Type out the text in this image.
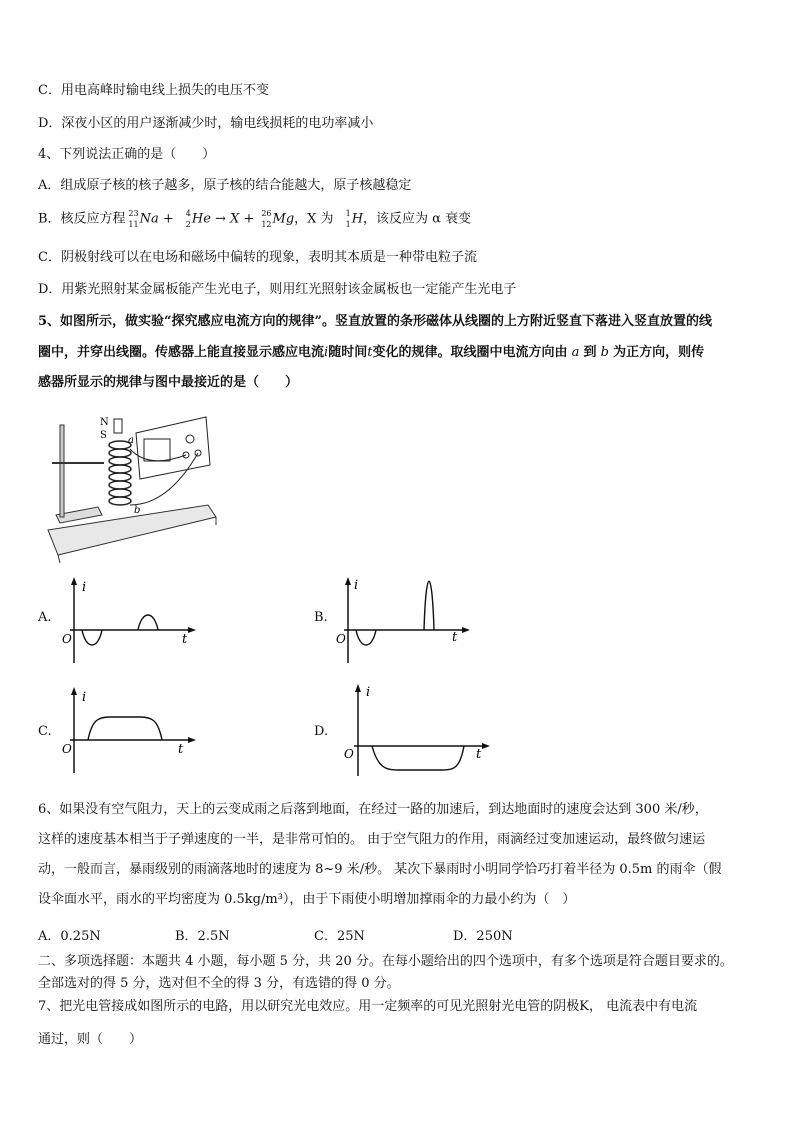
C．用电高峰时输电线上损失的电压不变
D．深夜小区的用户逐渐减少时，输电线损耗的电功率减小
4、下列说法正确的是（　　）
A．组成原子核的核子越多，原子核的结合能越大，原子核越稳定
B．核反应方程 23
11 Na + 4
2 He → X + 26
12 Mg，X 为 1
1 H，该反应为 α 衰变
C．阴极射线可以在电场和磁场中偏转的现象，表明其本质是一种带电粒子流
D．用紫光照射某金属板能产生光电子，则用红光照射该金属板也一定能产生光电子
5、如图所示，做实验“探究感应电流方向的规律”。竖直放置的条形磁体从线圈的上方附近竖直下落进入竖直放置的线
圈中，并穿出线圈。传感器上能直接显示感应电流i随时间t变化的规律。取线圈中电流方向由 a 到 b 为正方向，则传
感器所显示的规律与图中最接近的是（　　）
N
S a
b
A.
i
t
O
B.
i
t
O
C.
i
t
O
D.
i
t
O
6、如果没有空气阻力，天上的云变成雨之后落到地面，在经过一路的加速后，到达地面时的速度会达到 300 米/秒，
这样的速度基本相当于子弹速度的一半，是非常可怕的。 由于空气阻力的作用，雨滴经过变加速运动，最终做匀速运
动，一般而言，暴雨级别的雨滴落地时的速度为 8~9 米/秒。 某次下暴雨时小明同学恰巧打着半径为 0.5m 的雨伞（假
设伞面水平，雨水的平均密度为 0.5kg/m³），由于下雨使小明增加撑雨伞的力最小约为（　）
A．0.25N	B．2.5N	C．25N	D．250N
二、多项选择题：本题共 4 小题，每小题 5 分，共 20 分。在每小题给出的四个选项中，有多个选项是符合题目要求的。
全部选对的得 5 分，选对但不全的得 3 分，有选错的得 0 分。
7、把光电管接成如图所示的电路，用以研究光电效应。用一定频率的可见光照射光电管的阴极K， 电流表中有电流
通过，则（　　）
